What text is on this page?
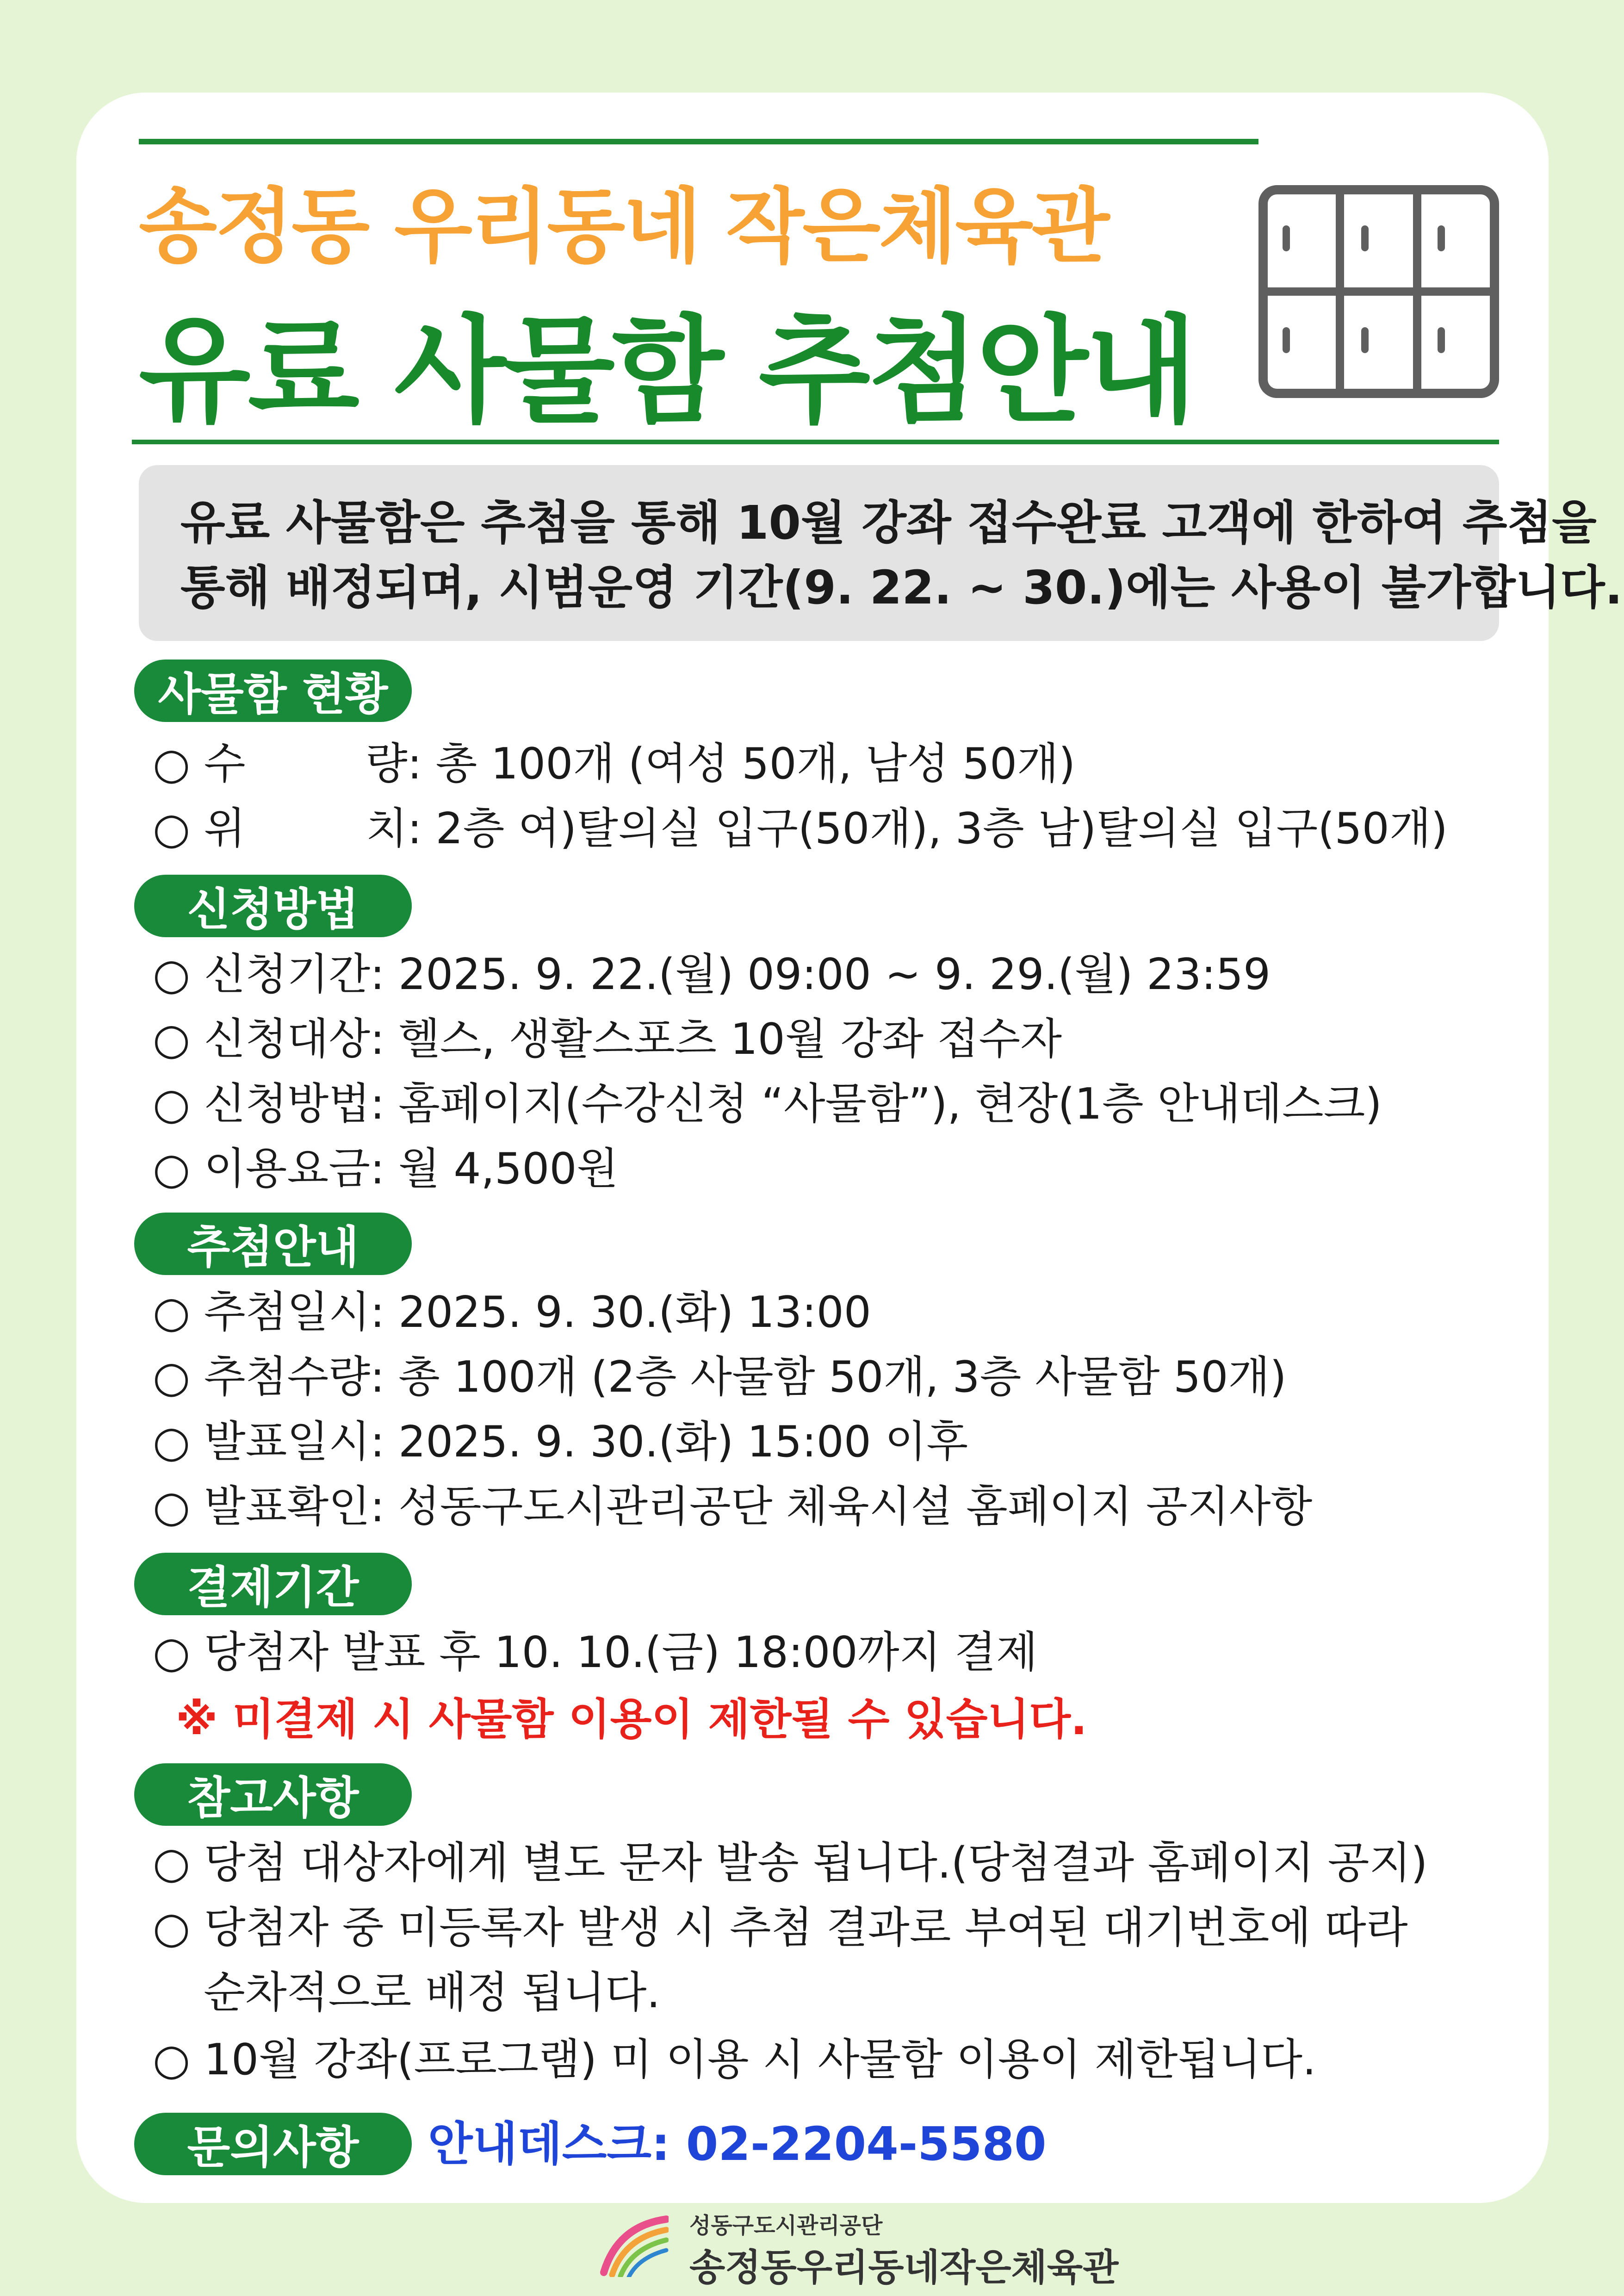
송정동 우리동네 작은체육관
유료 사물함 추첨안내

유료 사물함은 추첨을 통해 10월 강좌 접수완료 고객에 한하여 추첨을

통해 배정되며, 시범운영 기간(9. 22. ~ 30.)에는 사용이 불가합니다.

사물함 현황

○ 수	량: 총 100개 (여성 50개, 남성 50개)

○ 위	치: 2층 여)탈의실 입구(50개), 3층 남)탈의실 입구(50개)

신청방법

○ 신청기간: 2025. 9. 22.(월) 09:00 ~ 9. 29.(월) 23:59

○ 신청대상: 헬스, 생활스포츠 10월 강좌 접수자

○ 신청방법: 홈페이지(수강신청 “사물함”), 현장(1층 안내데스크)

○ 이용요금: 월 4,500원

추첨안내

○ 추첨일시: 2025. 9. 30.(화) 13:00

○ 추첨수량: 총 100개 (2층 사물함 50개, 3층 사물함 50개)

○ 발표일시: 2025. 9. 30.(화) 15:00 이후

○ 발표확인: 성동구도시관리공단 체육시설 홈페이지 공지사항

결제기간

○ 당첨자 발표 후 10. 10.(금) 18:00까지 결제

※ 미결제 시 사물함 이용이 제한될 수 있습니다.

참고사항

○ 당첨 대상자에게 별도 문자 발송 됩니다.(당첨결과 홈페이지 공지)

○ 당첨자 중 미등록자 발생 시 추첨 결과로 부여된 대기번호에 따라

순차적으로 배정 됩니다.

○ 10월 강좌(프로그램) 미 이용 시 사물함 이용이 제한됩니다.

문의사항	안내데스크: 02-2204-5580
성동구도시관리공단
송정동우리동네작은체육관
